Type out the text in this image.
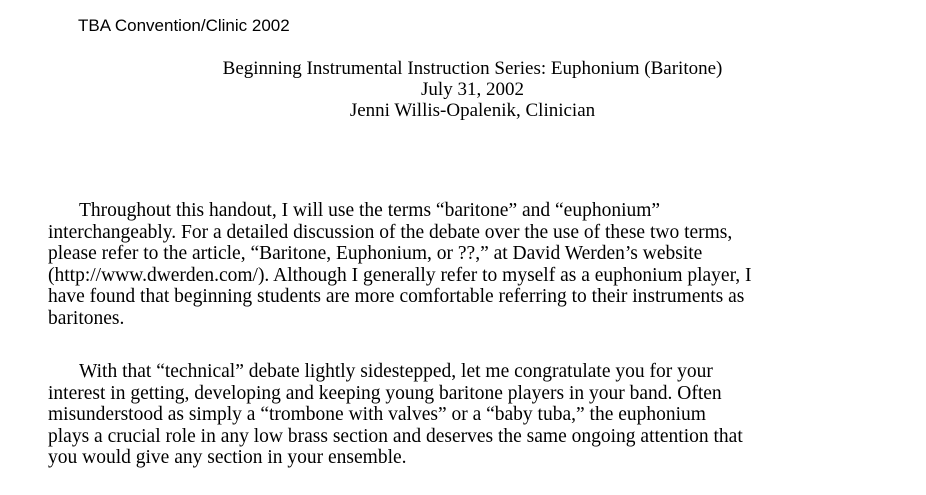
TBA Convention/Clinic 2002
Beginning Instrumental Instruction Series: Euphonium (Baritone)
July 31, 2002
Jenni Willis-Opalenik, Clinician
Throughout this handout, I will use the terms “baritone” and “euphonium”
interchangeably. For a detailed discussion of the debate over the use of these two terms,
please refer to the article, “Baritone, Euphonium, or ??,” at David Werden’s website
(http://www.dwerden.com/). Although I generally refer to myself as a euphonium player, I
have found that beginning students are more comfortable referring to their instruments as
baritones.
With that “technical” debate lightly sidestepped, let me congratulate you for your
interest in getting, developing and keeping young baritone players in your band. Often
misunderstood as simply a “trombone with valves” or a “baby tuba,” the euphonium
plays a crucial role in any low brass section and deserves the same ongoing attention that
you would give any section in your ensemble.
